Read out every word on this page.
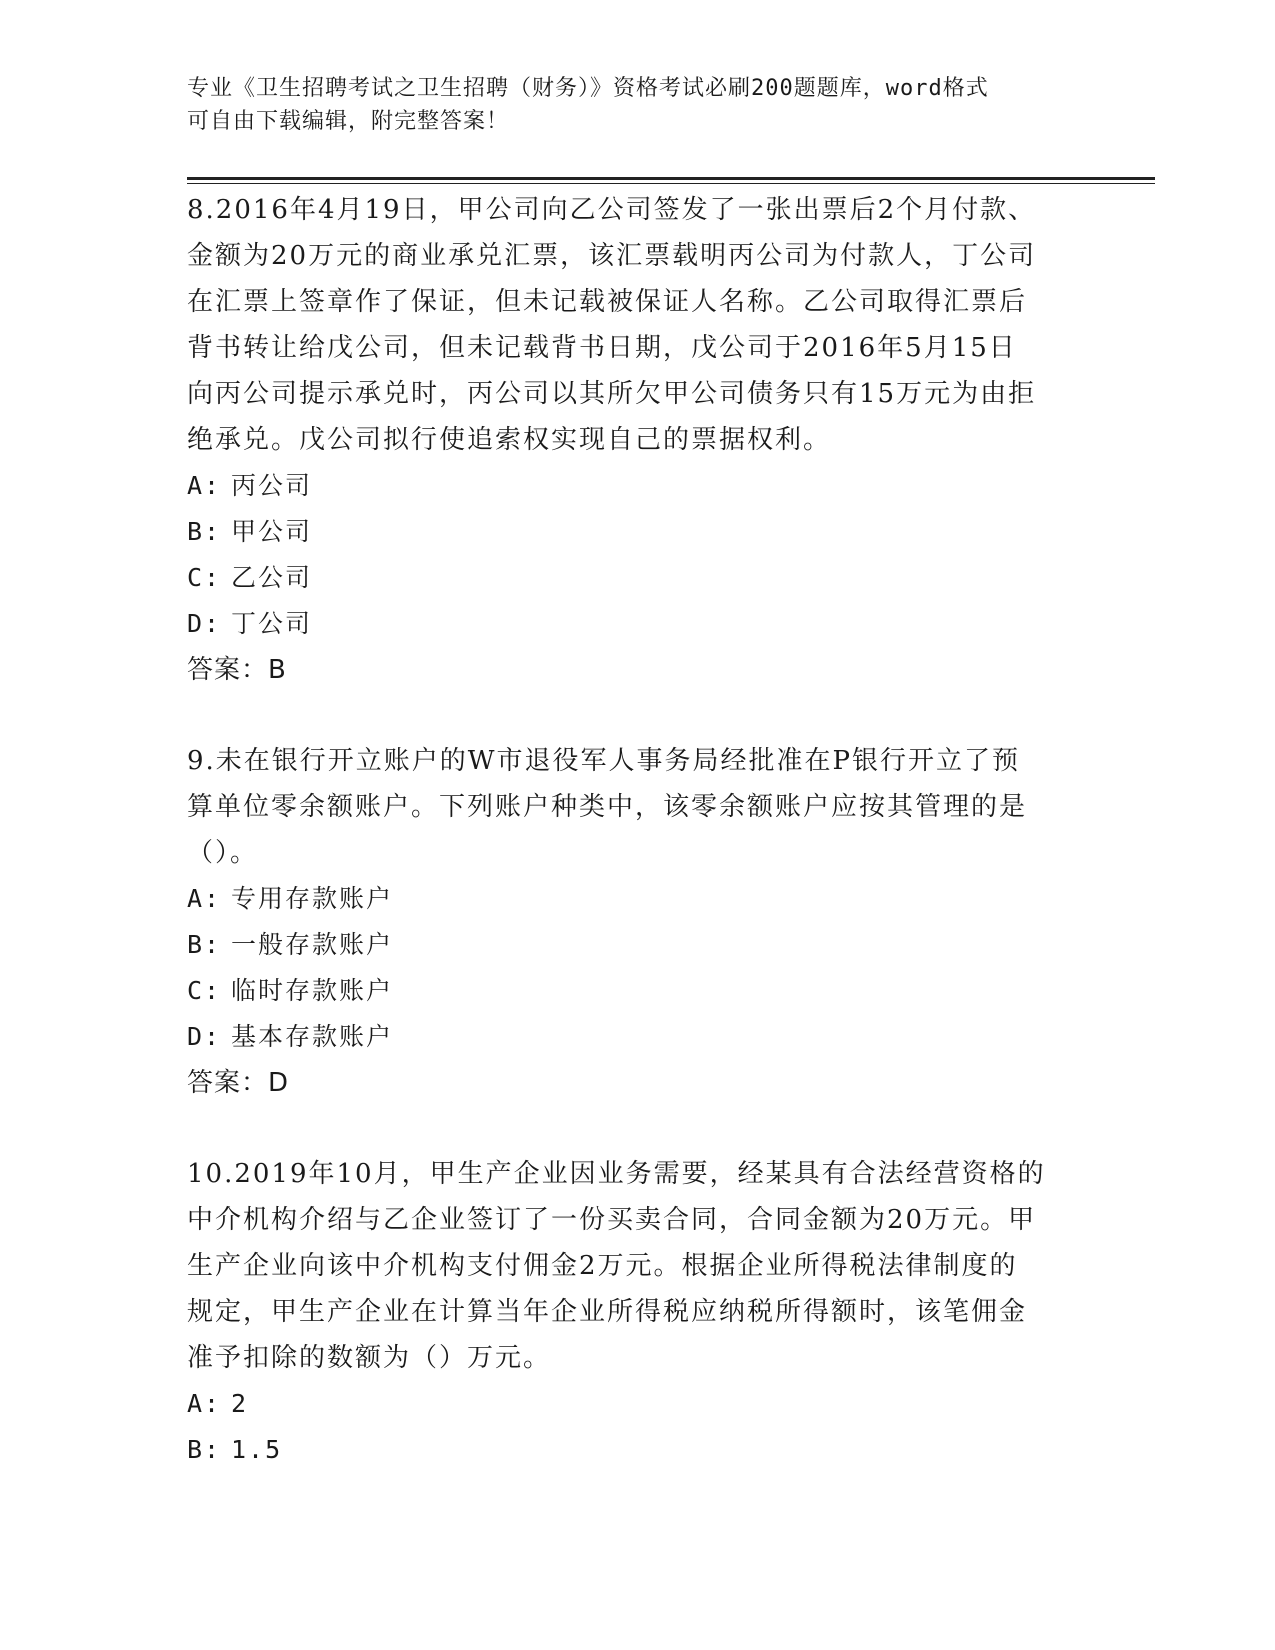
专业《卫生招聘考试之卫生招聘（财务）》资格考试必刷200题题库，word格式
可自由下载编辑，附完整答案！

8.2016年4月19日，甲公司向乙公司签发了一张出票后2个月付款、

金额为20万元的商业承兑汇票，该汇票载明丙公司为付款人，丁公司

在汇票上签章作了保证，但未记载被保证人名称。乙公司取得汇票后

背书转让给戊公司，但未记载背书日期，戊公司于2016年5月15日

向丙公司提示承兑时，丙公司以其所欠甲公司债务只有15万元为由拒

绝承兑。戊公司拟行使追索权实现自己的票据权利。

A: 丙公司

B: 甲公司

C: 乙公司

D: 丁公司

答案：B

9.未在银行开立账户的W市退役军人事务局经批准在P银行开立了预

算单位零余额账户。下列账户种类中，该零余额账户应按其管理的是

（）。

A: 专用存款账户

B: 一般存款账户

C: 临时存款账户

D: 基本存款账户

答案：D

10.2019年10月，甲生产企业因业务需要，经某具有合法经营资格的

中介机构介绍与乙企业签订了一份买卖合同，合同金额为20万元。甲

生产企业向该中介机构支付佣金2万元。根据企业所得税法律制度的

规定，甲生产企业在计算当年企业所得税应纳税所得额时，该笔佣金

准予扣除的数额为（）万元。

A: 2

B: 1.5
